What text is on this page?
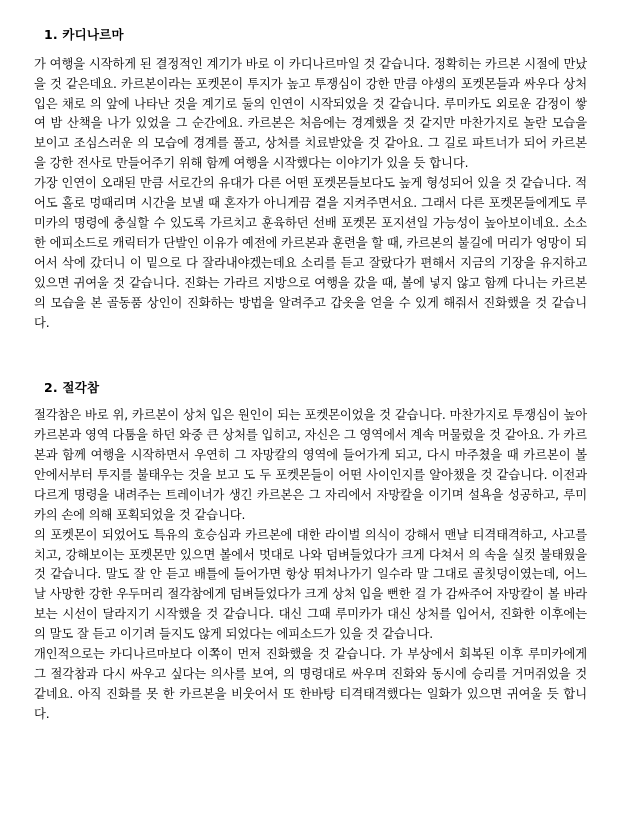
1. 카디나르마

가 여행을 시작하게 된 결정적인 계기가 바로 이 카디나르마일 것 같습니다. 정확히는 카르본 시절에 만났을 것 같은데요. 카르본이라는 포켓몬이 투지가 높고 투쟁심이 강한 만큼 야생의 포켓몬들과 싸우다 상처 입은 채로 의 앞에 나타난 것을 계기로 둘의 인연이 시작되었을 것 같습니다. 루미카도 외로운 감정이 쌓여 밤 산책을 나가 있었을 그 순간에요. 카르본은 처음에는 경계했을 것 같지만 마찬가지로 놀란 모습을 보이고 조심스러운 의 모습에 경계를 풀고, 상처를 치료받았을 것 같아요. 그 길로 파트너가 되어 카르본을 강한 전사로 만들어주기 위해 함께 여행을 시작했다는 이야기가 있을 듯 합니다.

가장 인연이 오래된 만큼 서로간의 유대가 다른 어떤 포켓몬들보다도 높게 형성되어 있을 것 같습니다. 적어도 홀로 멍때리며 시간을 보낼 때 혼자가 아니게끔 곁을 지켜주면서요. 그래서 다른 포켓몬들에게도 루미카의 명령에 충실할 수 있도록 가르치고 훈육하던 선배 포켓몬 포지션일 가능성이 높아보이네요. 소소한 에피소드로 캐릭터가 단발인 이유가 예전에 카르본과 훈련을 할 때, 카르본의 불길에 머리가 엉망이 되어서 삭에 갔더니 이 밑으로 다 잘라내야겠는데요 소리를 듣고 잘랐다가 편해서 지금의 기장을 유지하고 있으면 귀여울 것 같습니다. 진화는 가라르 지방으로 여행을 갔을 때, 볼에 넣지 않고 함께 다니는 카르본의 모습을 본 골동품 상인이 진화하는 방법을 알려주고 갑옷을 얻을 수 있게 해줘서 진화했을 것 같습니다.

2. 절각참

절각참은 바로 위, 카르본이 상처 입은 원인이 되는 포켓몬이었을 것 같습니다. 마찬가지로 투쟁심이 높아 카르본과 영역 다툼을 하던 와중 큰 상처를 입히고, 자신은 그 영역에서 계속 머물렀을 것 같아요. 가 카르본과 함께 여행을 시작하면서 우연히 그 자망칼의 영역에 들어가게 되고, 다시 마주쳤을 때 카르본이 볼 안에서부터 투지를 불태우는 것을 보고 도 두 포켓몬들이 어떤 사이인지를 알아챘을 것 같습니다. 이전과 다르게 명령을 내려주는 트레이너가 생긴 카르본은 그 자리에서 자망칼을 이기며 설욕을 성공하고, 루미카의 손에 의해 포획되었을 것 같습니다.

의 포켓몬이 되었어도 특유의 호승심과 카르본에 대한 라이벌 의식이 강해서 맨날 티격태격하고, 사고를 치고, 강해보이는 포켓몬만 있으면 볼에서 멋대로 나와 덤벼들었다가 크게 다쳐서 의 속을 실컷 불태웠을 것 같습니다. 말도 잘 안 듣고 배틀에 들어가면 항상 뛰쳐나가기 일수라 말 그대로 골칫덩이였는데, 어느 날 사망한 강한 우두머리 절각참에게 덤벼들었다가 크게 상처 입을 뻔한 걸 가 감싸주어 자망칼이 볼 바라보는 시선이 달라지기 시작했을 것 같습니다. 대신 그때 루미카가 대신 상처를 입어서, 진화한 이후에는 의 말도 잘 듣고 이기려 들지도 않게 되었다는 에피소드가 있을 것 같습니다.

개인적으로는 카디나르마보다 이쪽이 먼저 진화했을 것 같습니다. 가 부상에서 회복된 이후 루미카에게 그 절각참과 다시 싸우고 싶다는 의사를 보여, 의 명령대로 싸우며 진화와 동시에 승리를 거머쥐었을 것 같네요. 아직 진화를 못 한 카르본을 비웃어서 또 한바탕 티격태격했다는 일화가 있으면 귀여울 듯 합니다.
